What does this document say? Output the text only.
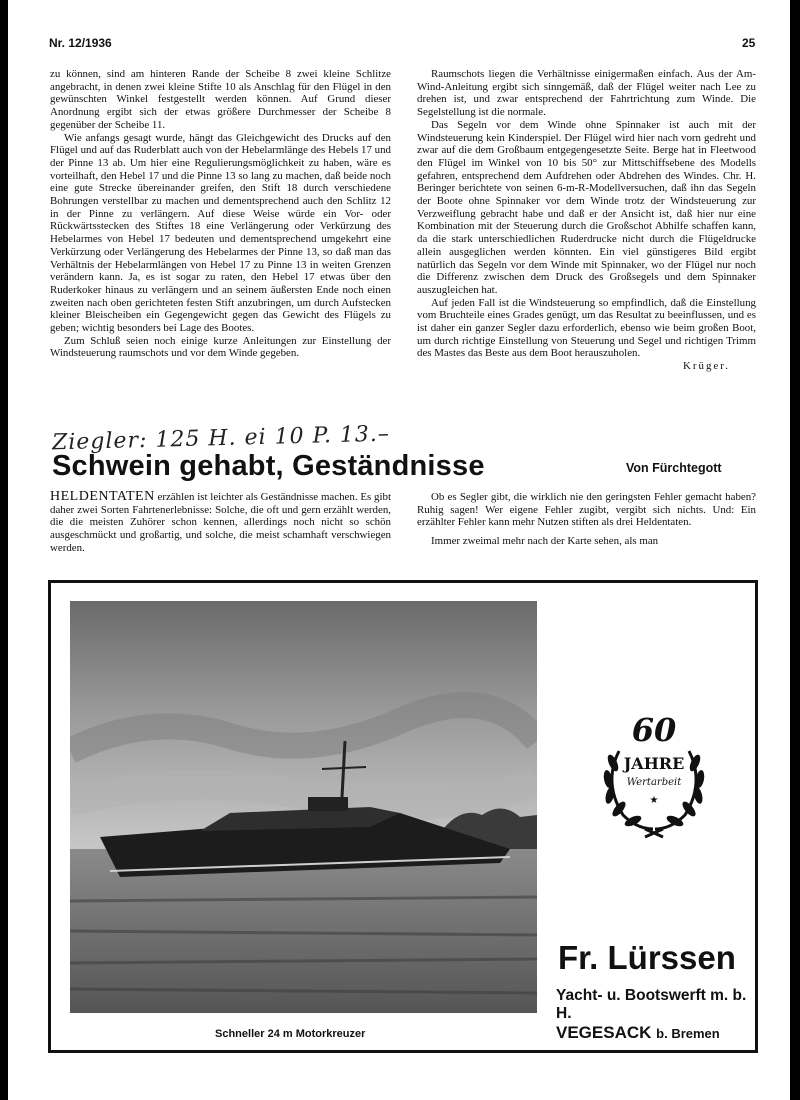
Nr. 12/1936	25

zu können, sind am hinteren Rande der Scheibe 8 zwei kleine Schlitze angebracht, in denen zwei kleine Stifte 10 als Anschlag für den Flügel in den gewünschten Winkel festgestellt werden können. Auf Grund dieser Anordnung ergibt sich der etwas größere Durchmesser der Scheibe 8 gegenüber der Scheibe 11.

Wie anfangs gesagt wurde, hängt das Gleichgewicht des Drucks auf den Flügel und auf das Ruderblatt auch von der Hebelarmlänge des Hebels 17 und der Pinne 13 ab. Um hier eine Regulierungsmöglichkeit zu haben, wäre es vorteilhaft, den Hebel 17 und die Pinne 13 so lang zu machen, daß beide noch eine gute Strecke übereinander greifen, den Stift 18 durch verschiedene Bohrungen verstellbar zu machen und dementsprechend auch den Schlitz 12 in der Pinne zu verlängern. Auf diese Weise würde ein Vor- oder Rückwärtsstecken des Stiftes 18 eine Verlängerung oder Verkürzung des Hebelarmes von Hebel 17 bedeuten und dementsprechend umgekehrt eine Verkürzung oder Verlängerung des Hebelarmes der Pinne 13, so daß man das Verhältnis der Hebelarmlängen von Hebel 17 zu Pinne 13 in weiten Grenzen verändern kann. Ja, es ist sogar zu raten, den Hebel 17 etwas über den Ruderkoker hinaus zu verlängern und an seinem äußersten Ende noch einen zweiten nach oben gerichteten festen Stift anzubringen, um durch Aufstecken kleiner Bleischeiben ein Gegengewicht gegen das Gewicht des Flügels zu geben; wichtig besonders bei Lage des Bootes.

Zum Schluß seien noch einige kurze Anleitungen zur Einstellung der Windsteuerung raumschots und vor dem Winde gegeben.

Raumschots liegen die Verhältnisse einigermaßen einfach. Aus der Am-Wind-Anleitung ergibt sich sinngemäß, daß der Flügel weiter nach Lee zu drehen ist, und zwar entsprechend der Fahrtrichtung zum Winde. Die Segelstellung ist die normale.

Das Segeln vor dem Winde ohne Spinnaker ist auch mit der Windsteuerung kein Kinderspiel. Der Flügel wird hier nach vorn gedreht und zwar auf die dem Großbaum entgegengesetzte Seite. Berge hat in Fleetwood den Flügel im Winkel von 10 bis 50° zur Mittschiffsebene des Modells gefahren, entsprechend dem Aufdrehen oder Abdrehen des Windes. Chr. H. Beringer berichtete von seinen 6-m-R-Modellversuchen, daß ihn das Segeln der Boote ohne Spinnaker vor dem Winde trotz der Windsteuerung zur Verzweiflung gebracht habe und daß er der Ansicht ist, daß hier nur eine Kombination mit der Steuerung durch die Großschot Abhilfe schaffen kann, da die stark unterschiedlichen Ruderdrucke nicht durch die Flügeldrucke allein ausgeglichen werden könnten. Ein viel günstigeres Bild ergibt natürlich das Segeln vor dem Winde mit Spinnaker, wo der Flügel nur noch die Differenz zwischen dem Druck des Großsegels und dem Spinnaker auszugleichen hat.

Auf jeden Fall ist die Windsteuerung so empfindlich, daß die Einstellung vom Bruchteile eines Grades genügt, um das Resultat zu beeinflussen, und es ist daher ein ganzer Segler dazu erforderlich, ebenso wie beim großen Boot, um durch richtige Einstellung von Steuerung und Segel und richtigen Trimm des Mastes das Beste aus dem Boot herauszuholen.

Krüger.

Ziegler: 125 H. ei 10 P. 13.–
Schwein gehabt, Geständnisse	Von Fürchtegott

HELDENTATEN erzählen ist leichter als Geständnisse machen. Es gibt daher zwei Sorten Fahrtenerlebnisse: Solche, die oft und gern erzählt werden, die die meisten Zuhörer schon kennen, allerdings noch nicht so schön ausgeschmückt und großartig, und solche, die meist schamhaft verschwiegen werden.

Ob es Segler gibt, die wirklich nie den geringsten Fehler gemacht haben? Ruhig sagen! Wer eigene Fehler zugibt, vergibt sich nichts. Und: Ein erzählter Fehler kann mehr Nutzen stiften als drei Heldentaten.

Immer zweimal mehr nach der Karte sehen, als man

Schneller 24 m Motorkreuzer
60
JAHRE
Wertarbeit
★
Fr. Lürssen
Yacht- u. Bootswerft m. b. H.
VEGESACK b. Bremen
